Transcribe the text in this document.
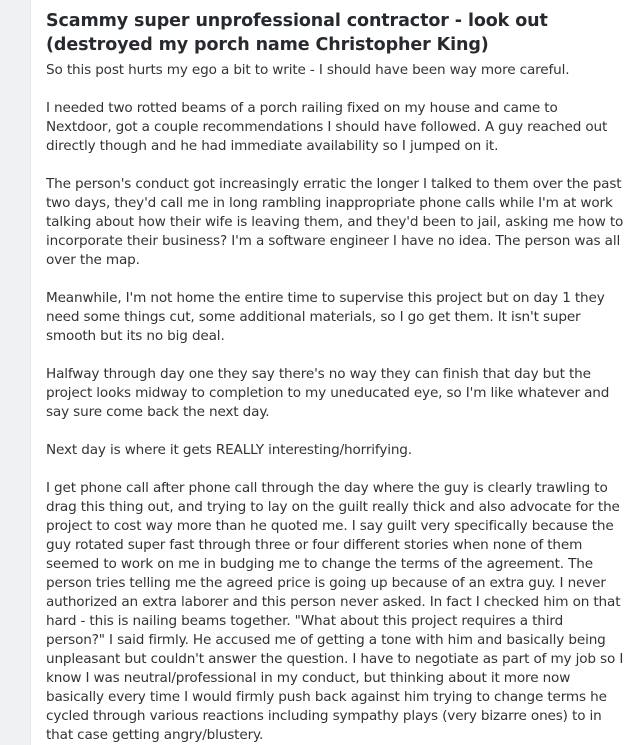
Scammy super unprofessional contractor - look out (destroyed my porch name Christopher King)

So this post hurts my ego a bit to write - I should have been way more careful.

I needed two rotted beams of a porch railing fixed on my house and came to Nextdoor, got a couple recommendations I should have followed. A guy reached out directly though and he had immediate availability so I jumped on it.

The person's conduct got increasingly erratic the longer I talked to them over the past two days, they'd call me in long rambling inappropriate phone calls while I'm at work talking about how their wife is leaving them, and they'd been to jail, asking me how to incorporate their business? I'm a software engineer I have no idea. The person was all over the map.

Meanwhile, I'm not home the entire time to supervise this project but on day 1 they need some things cut, some additional materials, so I go get them. It isn't super smooth but its no big deal.

Halfway through day one they say there's no way they can finish that day but the project looks midway to completion to my uneducated eye, so I'm like whatever and say sure come back the next day.

Next day is where it gets REALLY interesting/horrifying.

I get phone call after phone call through the day where the guy is clearly trawling to drag this thing out, and trying to lay on the guilt really thick and also advocate for the project to cost way more than he quoted me. I say guilt very specifically because the guy rotated super fast through three or four different stories when none of them seemed to work on me in budging me to change the terms of the agreement. The person tries telling me the agreed price is going up because of an extra guy. I never authorized an extra laborer and this person never asked. In fact I checked him on that hard - this is nailing beams together. "What about this project requires a third person?" I said firmly. He accused me of getting a tone with him and basically being unpleasant but couldn't answer the question. I have to negotiate as part of my job so I know I was neutral/professional in my conduct, but thinking about it more now basically every time I would firmly push back against him trying to change terms he cycled through various reactions including sympathy plays (very bizarre ones) to in that case getting angry/blustery.
